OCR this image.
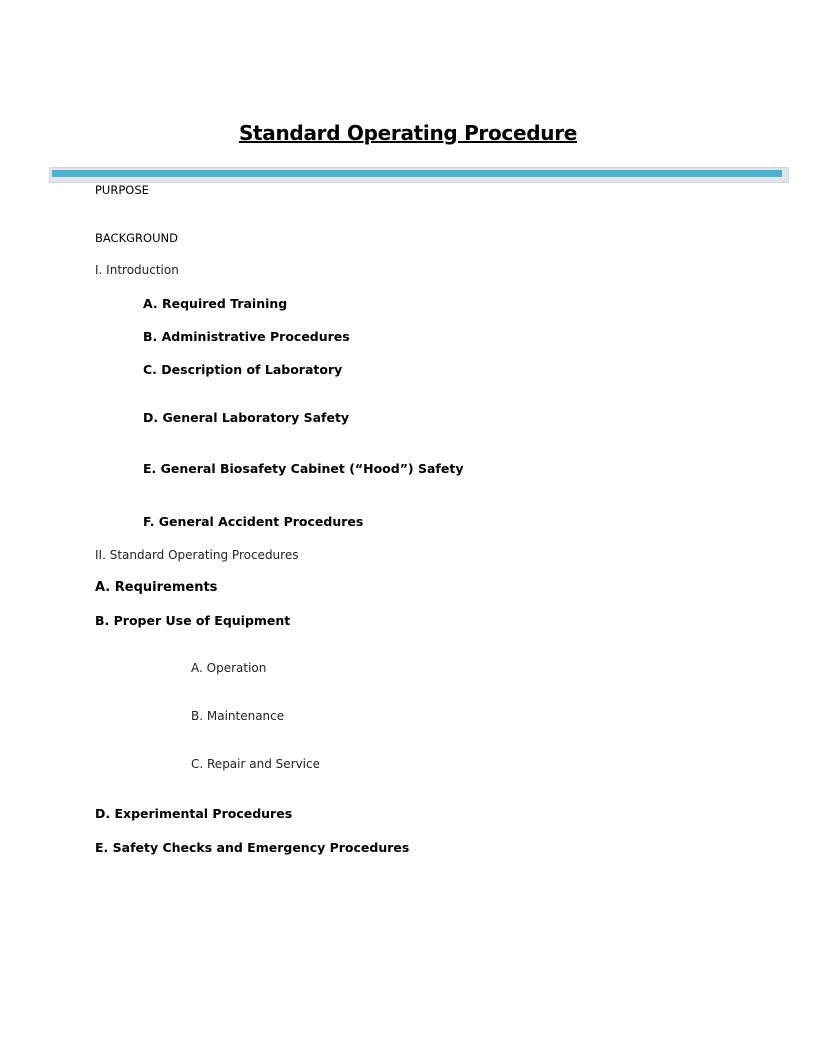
Standard Operating Procedure
PURPOSE
BACKGROUND
I. Introduction
A. Required Training
B. Administrative Procedures
C. Description of Laboratory
D. General Laboratory Safety
E. General Biosafety Cabinet (“Hood”) Safety
F. General Accident Procedures
II. Standard Operating Procedures
A. Requirements
B. Proper Use of Equipment
A. Operation
B. Maintenance
C. Repair and Service
D. Experimental Procedures
E. Safety Checks and Emergency Procedures
